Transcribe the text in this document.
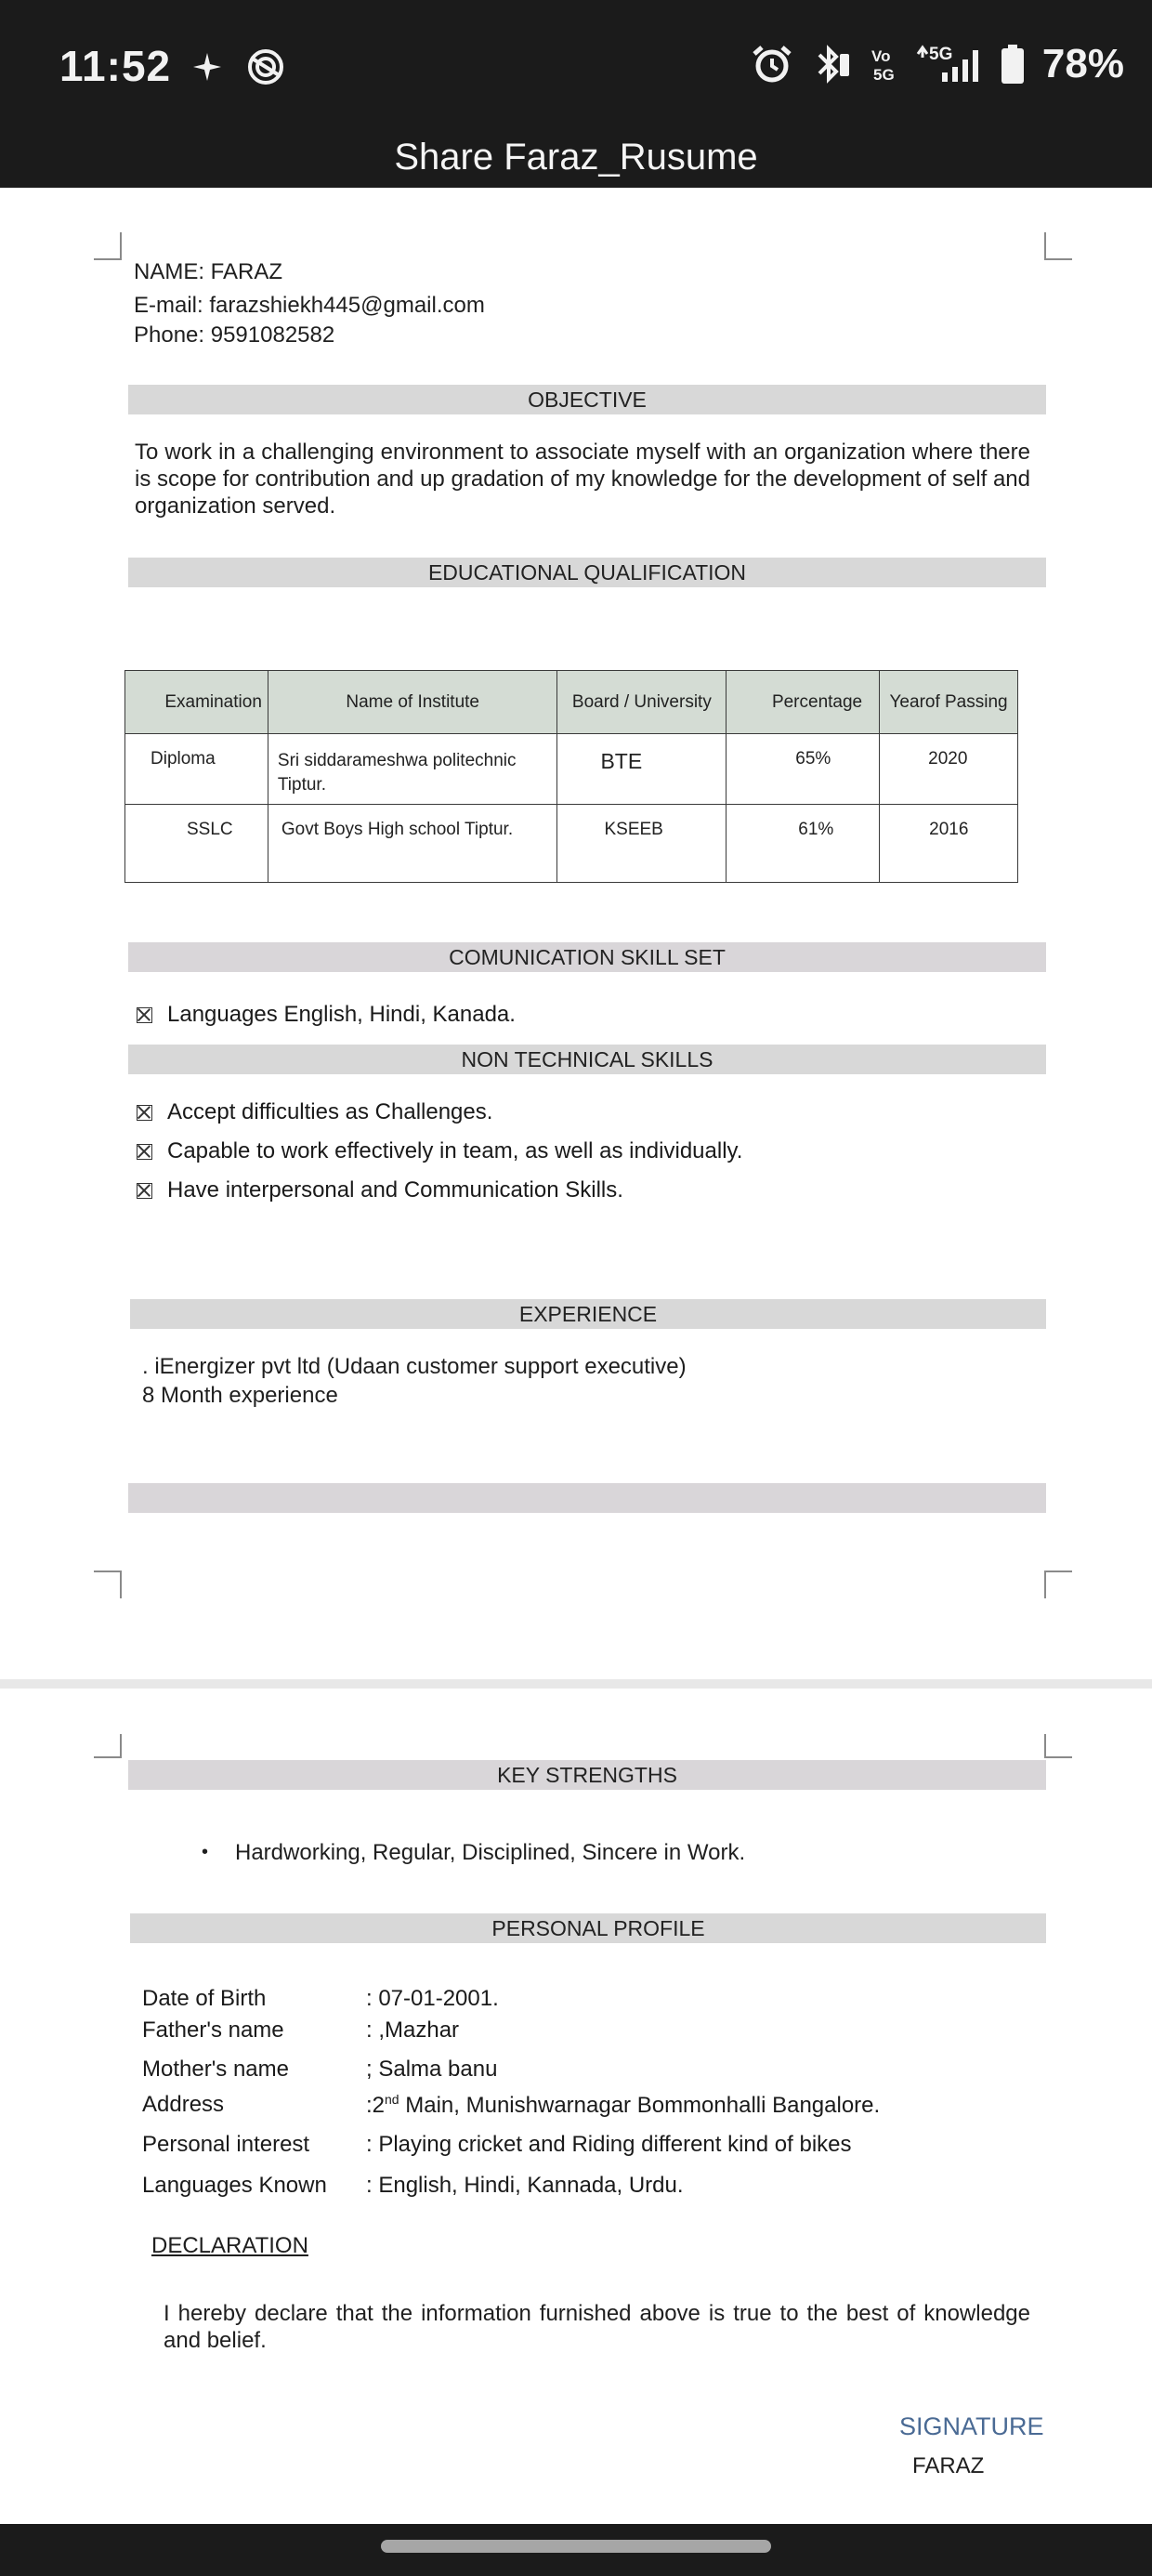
11:52	Vo
5G
5G 78%
Share Faraz_Rusume
NAME: FARAZ
E-mail: farazshiekh445@gmail.com
Phone: 9591082582
OBJECTIVE
To work in a challenging environment to associate myself with an organization where there is scope for contribution and up gradation of my knowledge for the development of self and organization served.
EDUCATIONAL QUALIFICATION
Examination	Name of Institute	Board / University	Percentage	Yearof Passing
Diploma	Sri siddarameshwa politechnic Tiptur.	BTE	65%	2020
SSLC	Govt Boys High school Tiptur.	KSEEB	61%	2016
COMUNICATION SKILL SET
Languages English, Hindi, Kanada.
NON TECHNICAL SKILLS
Accept difficulties as Challenges.
Capable to work effectively in team, as well as individually.
Have interpersonal and Communication Skills.
EXPERIENCE
. iEnergizer pvt ltd (Udaan customer support executive)
8 Month experience
KEY STRENGTHS
• Hardworking, Regular, Disciplined, Sincere in Work.
PERSONAL PROFILE
Date of Birth	: 07-01-2001.
Father's name	: ,Mazhar
Mother's name	; Salma banu
Address	:2nd Main, Munishwarnagar Bommonhalli Bangalore.
Personal interest	: Playing cricket and Riding different kind of bikes
Languages Known : English, Hindi, Kannada, Urdu.
DECLARATION
I hereby declare that the information furnished above is true to the best of knowledge and belief.
SIGNATURE
FARAZ
